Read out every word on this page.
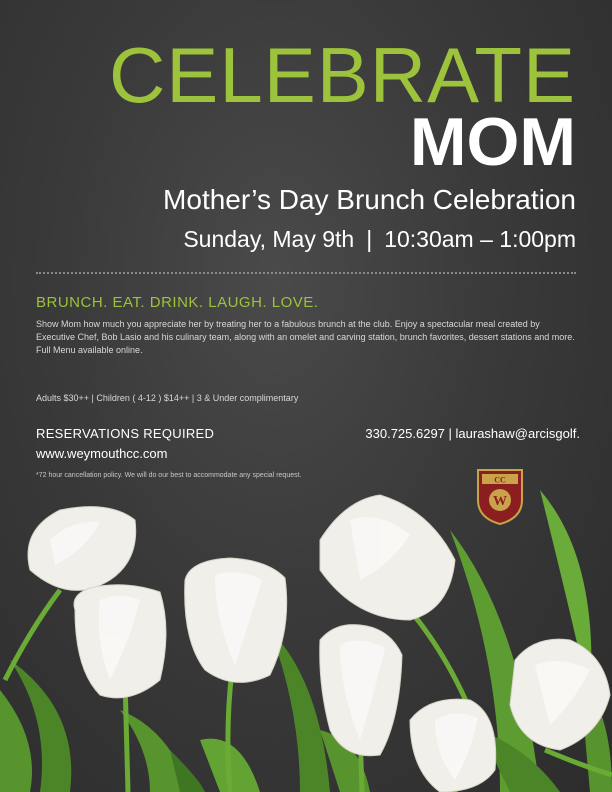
CELEBRATE
MOM
Mother’s Day Brunch Celebration
Sunday, May 9th | 10:30am – 1:00pm
BRUNCH. EAT. DRINK. LAUGH. LOVE.
Show Mom how much you appreciate her by treating her to a fabulous brunch at the club. Enjoy a spectacular meal created by Executive Chef, Bob Lasio and his culinary team, along with an omelet and carving station, brunch favorites, dessert stations and more. Full Menu available online.
Adults $30++ | Children ( 4-12 ) $14++ | 3 & Under complimentary
RESERVATIONS REQUIRED	330.725.6297 | laurashaw@arcisgolf.
www.weymouthcc.com
*72 hour cancellation policy. We will do our best to accommodate any special request.	CC
W
